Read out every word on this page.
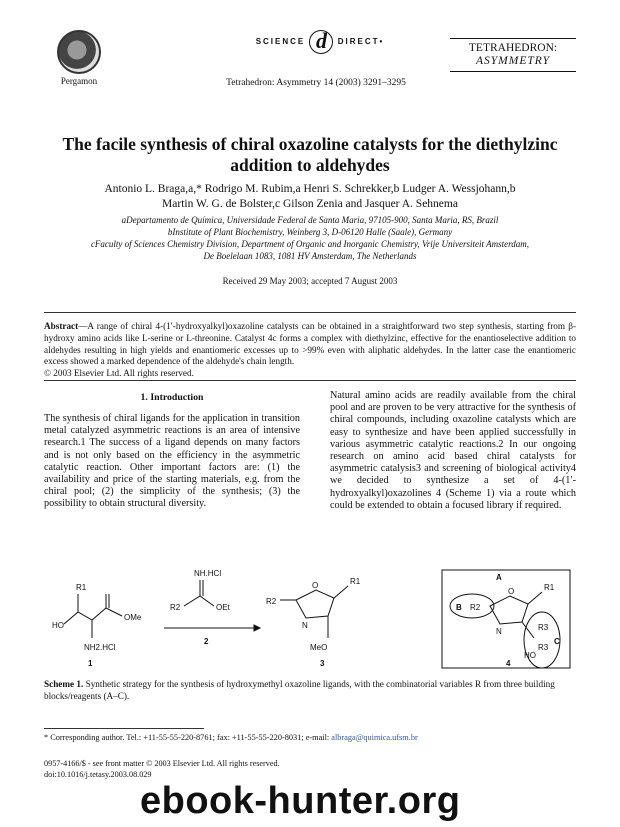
Pergamon
SCIENCE d DIRECT•
Tetrahedron: Asymmetry 14 (2003) 3291–3295
TETRAHEDRON:
ASYMMETRY
The facile synthesis of chiral oxazoline catalysts for the diethylzinc addition to aldehydes
Antonio L. Braga,a,* Rodrigo M. Rubim,a Henri S. Schrekker,b Ludger A. Wessjohann,b
Martin W. G. de Bolster,c Gilson Zenia and Jasquer A. Sehnema
aDepartamento de Química, Universidade Federal de Santa Maria, 97105-900, Santa Maria, RS, Brazil
bInstitute of Plant Biochemistry, Weinberg 3, D-06120 Halle (Saale), Germany
cFaculty of Sciences Chemistry Division, Department of Organic and Inorganic Chemistry, Vrije Universiteit Amsterdam,
De Boelelaan 1083, 1081 HV Amsterdam, The Netherlands
Received 29 May 2003; accepted 7 August 2003
Abstract—A range of chiral 4-(1′-hydroxyalkyl)oxazoline catalysts can be obtained in a straightforward two step synthesis, starting from β-hydroxy amino acids like L-serine or L-threonine. Catalyst 4c forms a complex with diethylzinc, effective for the enantioselective addition to aldehydes resulting in high yields and enantiomeric excesses up to >99% even with aliphatic aldehydes. In the latter case the enantiomeric excess showed a marked dependence of the aldehyde's chain length.
© 2003 Elsevier Ltd. All rights reserved.
1. Introduction
The synthesis of chiral ligands for the application in transition metal catalyzed asymmetric reactions is an area of intensive research.1 The success of a ligand depends on many factors and is not only based on the efficiency in the asymmetric catalytic reaction. Other important factors are: (1) the availability and price of the starting materials, e.g. from the chiral pool; (2) the simplicity of the synthesis; (3) the possibility to obtain structural diversity.
Natural amino acids are readily available from the chiral pool and are proven to be very attractive for the synthesis of chiral compounds, including oxazoline catalysts which are easy to synthesize and have been applied successfully in various asymmetric catalytic reactions.2 In our ongoing research on amino acid based chiral catalysts for asymmetric catalysis3 and screening of biological activity4 we decided to synthesize a set of 4-(1′-hydroxyalkyl)oxazolines 4 (Scheme 1) via a route which could be extended to obtain a focused library if required.
R1
HO
OMe
NH2.HCl
1
NH.HCl
R2	OEt
2
R2
O
N
R1
MeO
3
A
B R2
O
N
R1
R3
R3
HO
C
4
Scheme 1. Synthetic strategy for the synthesis of hydroxymethyl oxazoline ligands, with the combinatorial variables R from three building blocks/reagents (A–C).
* Corresponding author. Tel.: +11-55-55-220-8761; fax: +11-55-55-220-8031; e-mail: albraga@quimica.ufsm.br
0957-4166/$ - see front matter © 2003 Elsevier Ltd. All rights reserved.
doi:10.1016/j.tetasy.2003.08.029
ebook-hunter.org
